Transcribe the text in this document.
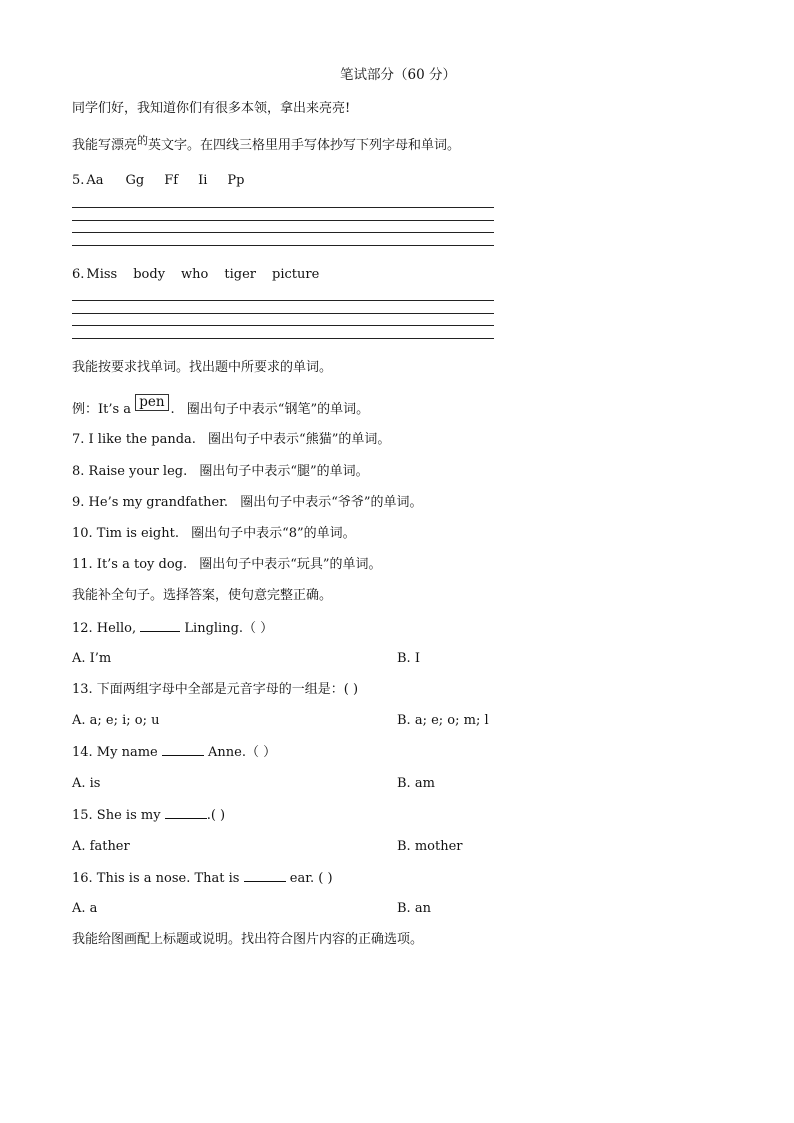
笔试部分（60 分）
同学们好，我知道你们有很多本领，拿出来亮亮!
我能写漂亮$^的$英文字。在四线三格里用手写体抄写下列字母和单词。
5. Aa Gg Ff Ii Pp
6. Miss body who tiger picture
我能按要求找单词。找出题中所要求的单词。
例：It’s a pen . 圈出句子中表示“钢笔”的单词。
7. I like the panda. 圈出句子中表示“熊猫”的单词。
8. Raise your leg. 圈出句子中表示“腿”的单词。
9. He’s my grandfather. 圈出句子中表示“爷爷”的单词。
10. Tim is eight. 圈出句子中表示“8”的单词。
11. It’s a toy dog. 圈出句子中表示“玩具”的单词。
我能补全句子。选择答案，使句意完整正确。
12. Hello,	Lingling.（ ）
A. I’m	B. I
13. 下面两组字母中全部是元音字母的一组是：( )
A. a; e; i; o; u	B. a; e; o; m; l
14. My name	Anne.（ ）
A. is	B. am
15. She is my	.( )
A. father	B. mother
16. This is a nose. That is	ear. ( )
A. a	B. an
我能给图画配上标题或说明。找出符合图片内容的正确选项。
